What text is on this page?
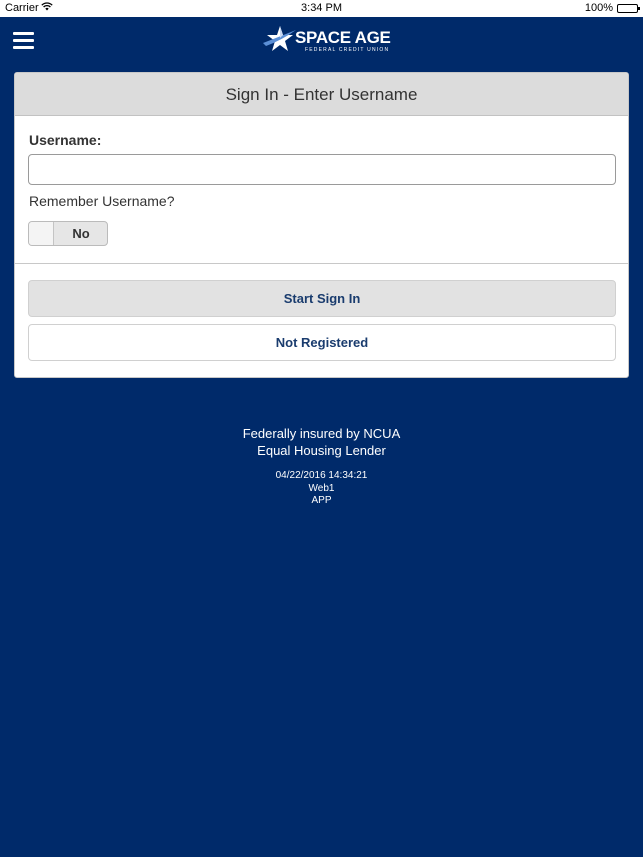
Carrier	3:34 PM	100%
SPACE AGE
FEDERAL CREDIT UNION
Sign In - Enter Username
Username:
Remember Username?
No
Start Sign In
Not Registered
Federally insured by NCUA
Equal Housing Lender
04/22/2016 14:34:21
Web1
APP
